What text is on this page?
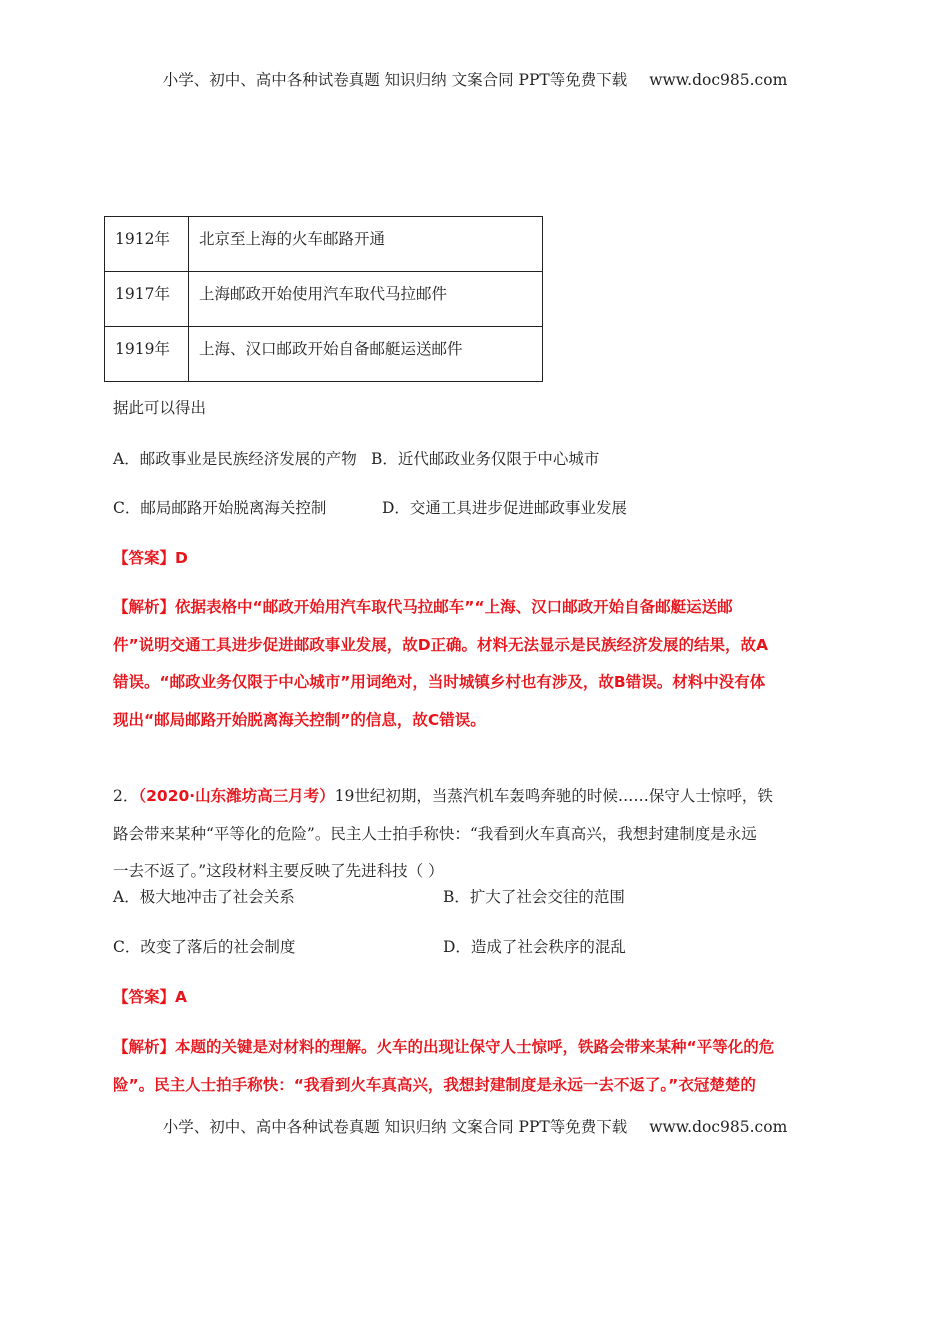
小学、初中、高中各种试卷真题 知识归纳 文案合同 PPT等免费下载 www.doc985.com
1912年	北京至上海的火车邮路开通
1917年	上海邮政开始使用汽车取代马拉邮件
1919年	上海、汉口邮政开始自备邮艇运送邮件
据此可以得出
A．邮政事业是民族经济发展的产物 B．近代邮政业务仅限于中心城市
C．邮局邮路开始脱离海关控制	D．交通工具进步促进邮政事业发展
【答案】D
【解析】依据表格中“邮政开始用汽车取代马拉邮车”“上海、汉口邮政开始自备邮艇运送邮
件”说明交通工具进步促进邮政事业发展，故D正确。材料无法显示是民族经济发展的结果，故A
错误。“邮政业务仅限于中心城市”用词绝对，当时城镇乡村也有涉及，故B错误。材料中没有体
现出“邮局邮路开始脱离海关控制”的信息，故C错误。
2．（2020·山东潍坊高三月考）19世纪初期，当蒸汽机车轰鸣奔驰的时候……保守人士惊呼，铁
路会带来某种“平等化的危险”。民主人士拍手称快：“我看到火车真高兴，我想封建制度是永远
一去不返了。”这段材料主要反映了先进科技（ ）
A．极大地冲击了社会关系	B．扩大了社会交往的范围
C．改变了落后的社会制度	D．造成了社会秩序的混乱
【答案】A
【解析】本题的关键是对材料的理解。火车的出现让保守人士惊呼，铁路会带来某种“平等化的危
险”。民主人士拍手称快：“我看到火车真高兴，我想封建制度是永远一去不返了。”衣冠楚楚的
小学、初中、高中各种试卷真题 知识归纳 文案合同 PPT等免费下载 www.doc985.com
